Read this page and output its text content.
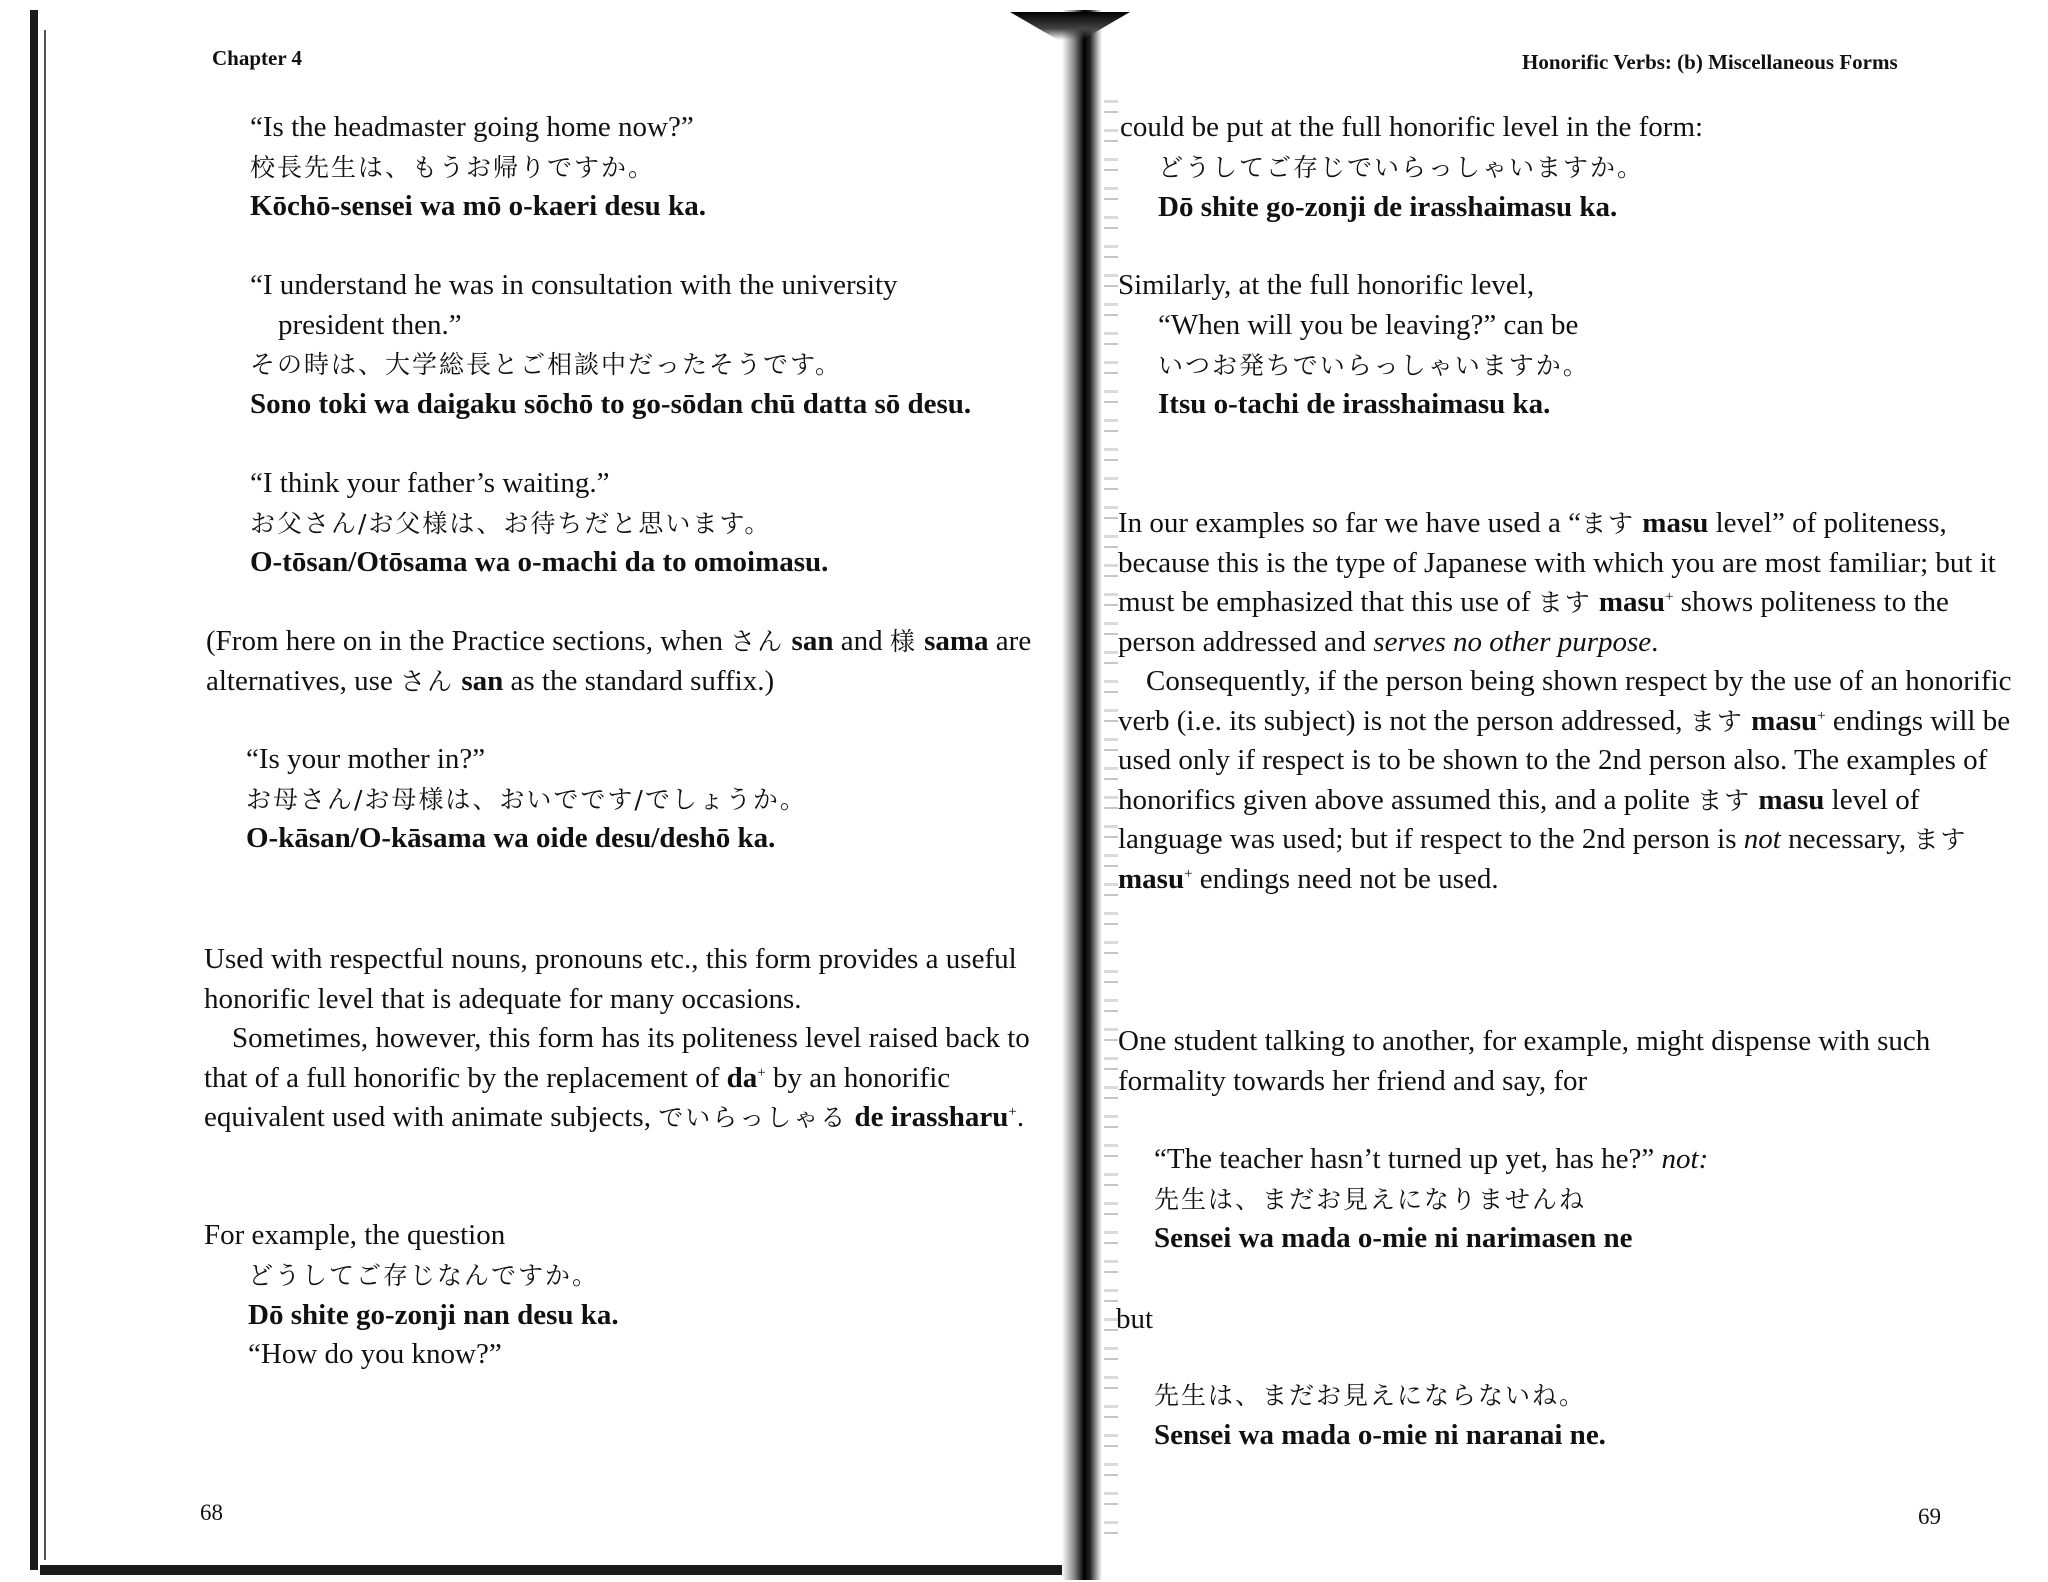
Chapter 4

“Is the headmaster going home now?”

校長先生は、もうお帰りですか。

Kōchō-sensei wa mō o-kaeri desu ka.

“I understand he was in consultation with the university president then.”

その時は、大学総長とご相談中だったそうです。

Sono toki wa daigaku sōchō to go-sōdan chū datta sō desu.

“I think your father’s waiting.”

お父さん/お父様は、お待ちだと思います。

O-tōsan/Otōsama wa o-machi da to omoimasu.

(From here on in the Practice sections, when さん san and 様 sama are alternatives, use さん san as the standard suffix.)

“Is your mother in?”

お母さん/お母様は、おいでです/でしょうか。

O-kāsan/O-kāsama wa oide desu/deshō ka.

Used with respectful nouns, pronouns etc., this form provides a useful honorific level that is adequate for many occasions.

Sometimes, however, this form has its politeness level raised back to that of a full honorific by the replacement of da+ by an honorific equivalent used with animate subjects, でいらっしゃる de irassharu+.

For example, the question

どうしてご存じなんですか。

Dō shite go-zonji nan desu ka.

“How do you know?”

68
Honorific Verbs: (b) Miscellaneous Forms

could be put at the full honorific level in the form:

どうしてご存じでいらっしゃいますか。

Dō shite go-zonji de irasshaimasu ka.

Similarly, at the full honorific level,

“When will you be leaving?” can be

いつお発ちでいらっしゃいますか。

Itsu o-tachi de irasshaimasu ka.

In our examples so far we have used a “ます masu level” of politeness, because this is the type of Japanese with which you are most familiar; but it must be emphasized that this use of ます masu+ shows politeness to the person addressed and serves no other purpose.

Consequently, if the person being shown respect by the use of an honorific verb (i.e. its subject) is not the person addressed, ます masu+ endings will be used only if respect is to be shown to the 2nd person also. The examples of honorifics given above assumed this, and a polite ます masu level of language was used; but if respect to the 2nd person is not necessary, ます masu+ endings need not be used.

One student talking to another, for example, might dispense with such formality towards her friend and say, for

“The teacher hasn’t turned up yet, has he?” not:

先生は、まだお見えになりませんね

Sensei wa mada o-mie ni narimasen ne

but

先生は、まだお見えにならないね。

Sensei wa mada o-mie ni naranai ne.

69
